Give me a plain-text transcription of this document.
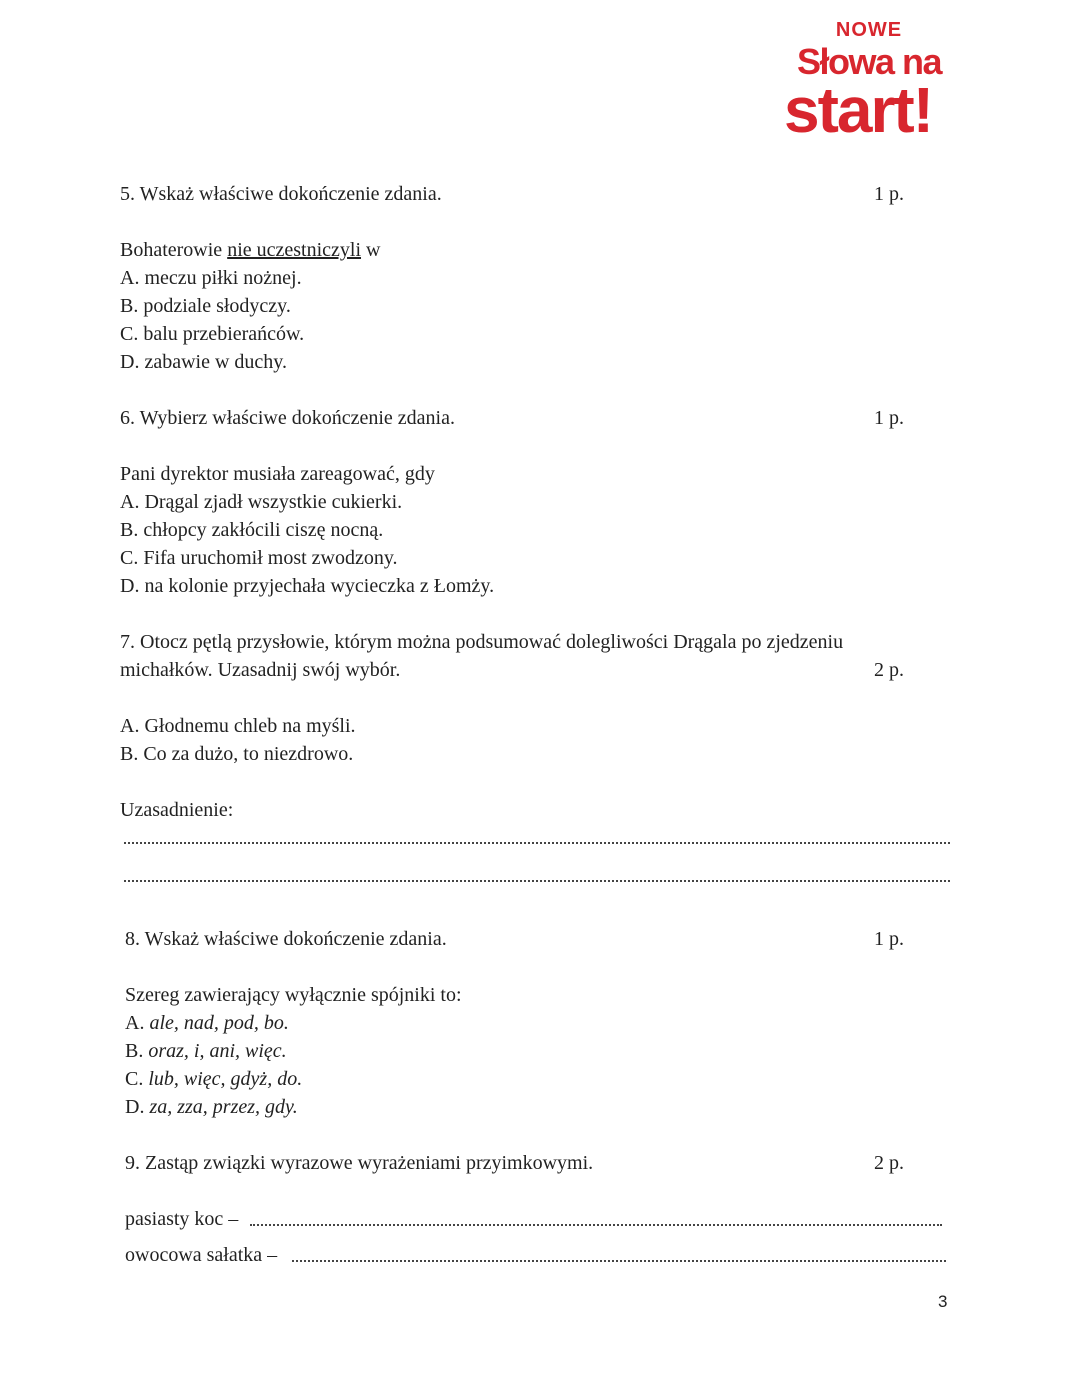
NOWE
Słowa na
start!
5. Wskaż właściwe dokończenie zdania.	1 p.
Bohaterowie nie uczestniczyli w
A. meczu piłki nożnej.
B. podziale słodyczy.
C. balu przebierańców.
D. zabawie w duchy.
6. Wybierz właściwe dokończenie zdania.	1 p.
Pani dyrektor musiała zareagować, gdy
A. Drągal zjadł wszystkie cukierki.
B. chłopcy zakłócili ciszę nocną.
C. Fifa uruchomił most zwodzony.
D. na kolonie przyjechała wycieczka z Łomży.
7. Otocz pętlą przysłowie, którym można podsumować dolegliwości Drągala po zjedzeniu
michałków. Uzasadnij swój wybór.	2 p.
A. Głodnemu chleb na myśli.
B. Co za dużo, to niezdrowo.
Uzasadnienie:
8. Wskaż właściwe dokończenie zdania.	1 p.
Szereg zawierający wyłącznie spójniki to:
A. ale, nad, pod, bo.
B. oraz, i, ani, więc.
C. lub, więc, gdyż, do.
D. za, zza, przez, gdy.
9. Zastąp związki wyrazowe wyrażeniami przyimkowymi.	2 p.
pasiasty koc –
owocowa sałatka –
3
